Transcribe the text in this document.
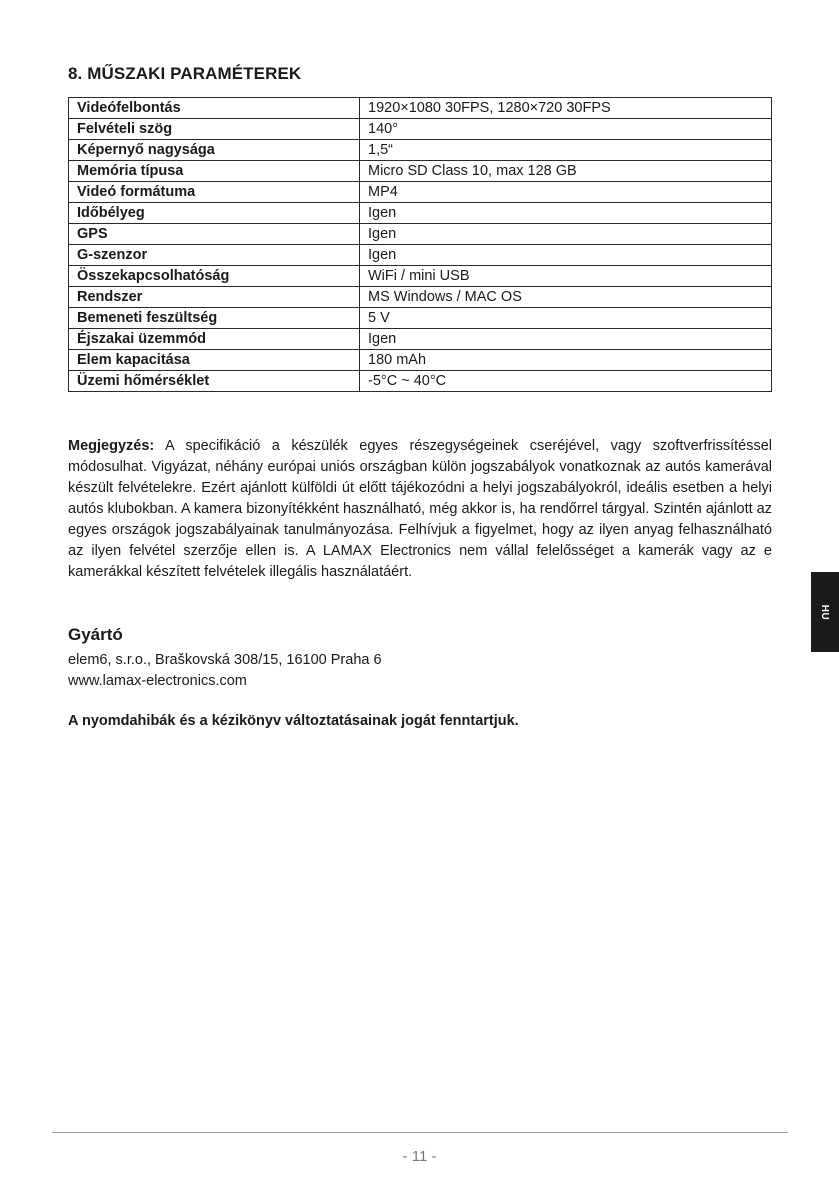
8. MŰSZAKI PARAMÉTEREK
Videófelbontás	1920×1080 30FPS, 1280×720 30FPS
Felvételi szög	140°
Képernyő nagysága	1,5“
Memória típusa	Micro SD Class 10, max 128 GB
Videó formátuma	MP4
Időbélyeg	Igen
GPS	Igen
G-szenzor	Igen
Összekapcsolhatóság	WiFi / mini USB
Rendszer	MS Windows / MAC OS
Bemeneti feszültség	5 V
Éjszakai üzemmód	Igen
Elem kapacitása	180 mAh
Üzemi hőmérséklet	-5°C ~ 40°C

Megjegyzés: A specifikáció a készülék egyes részegységeinek cseréjével, vagy szoftverfrissítéssel módosulhat. Vigyázat, néhány európai uniós országban külön jogszabályok vonatkoznak az autós kamerával készült felvételekre. Ezért ajánlott külföldi út előtt tájékozódni a helyi jogszabályokról, ideális esetben a helyi autós klubokban. A kamera bizonyítékként használható, még akkor is, ha rendőrrel tárgyal. Szintén ajánlott az egyes országok jogszabályainak tanulmányozása. Felhívjuk a figyelmet, hogy az ilyen anyag felhasználható az ilyen felvétel szerzője ellen is. A LAMAX Electronics nem vállal felelősséget a kamerák vagy az e kamerákkal készített felvételek illegális használatáért.

Gyártó

elem6, s.r.o., Braškovská 308/15, 16100 Praha 6

www.lamax-electronics.com

A nyomdahibák és a kézikönyv változtatásainak jogát fenntartjuk.

HU
- 11 -
